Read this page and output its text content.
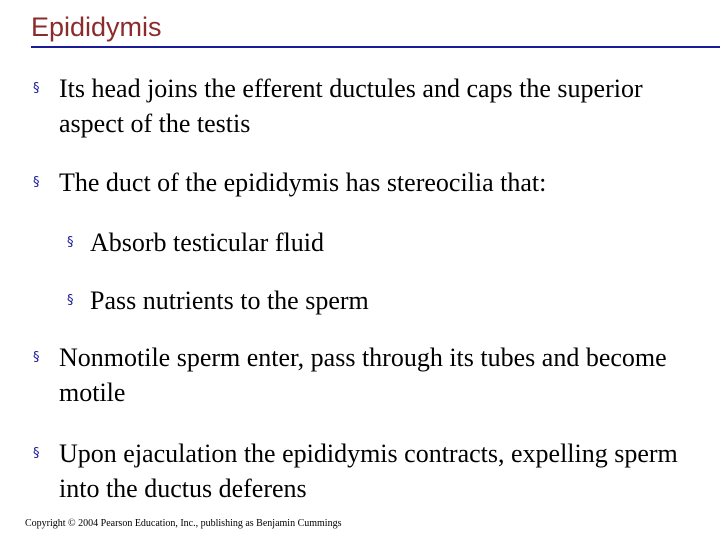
Epididymis
§ Its head joins the efferent ductules and caps the superior aspect of the testis
§ The duct of the epididymis has stereocilia that:
§ Absorb testicular fluid
§ Pass nutrients to the sperm
§ Nonmotile sperm enter, pass through its tubes and become motile
§ Upon ejaculation the epididymis contracts, expelling sperm into the ductus deferens
Copyright © 2004 Pearson Education, Inc., publishing as Benjamin Cummings
